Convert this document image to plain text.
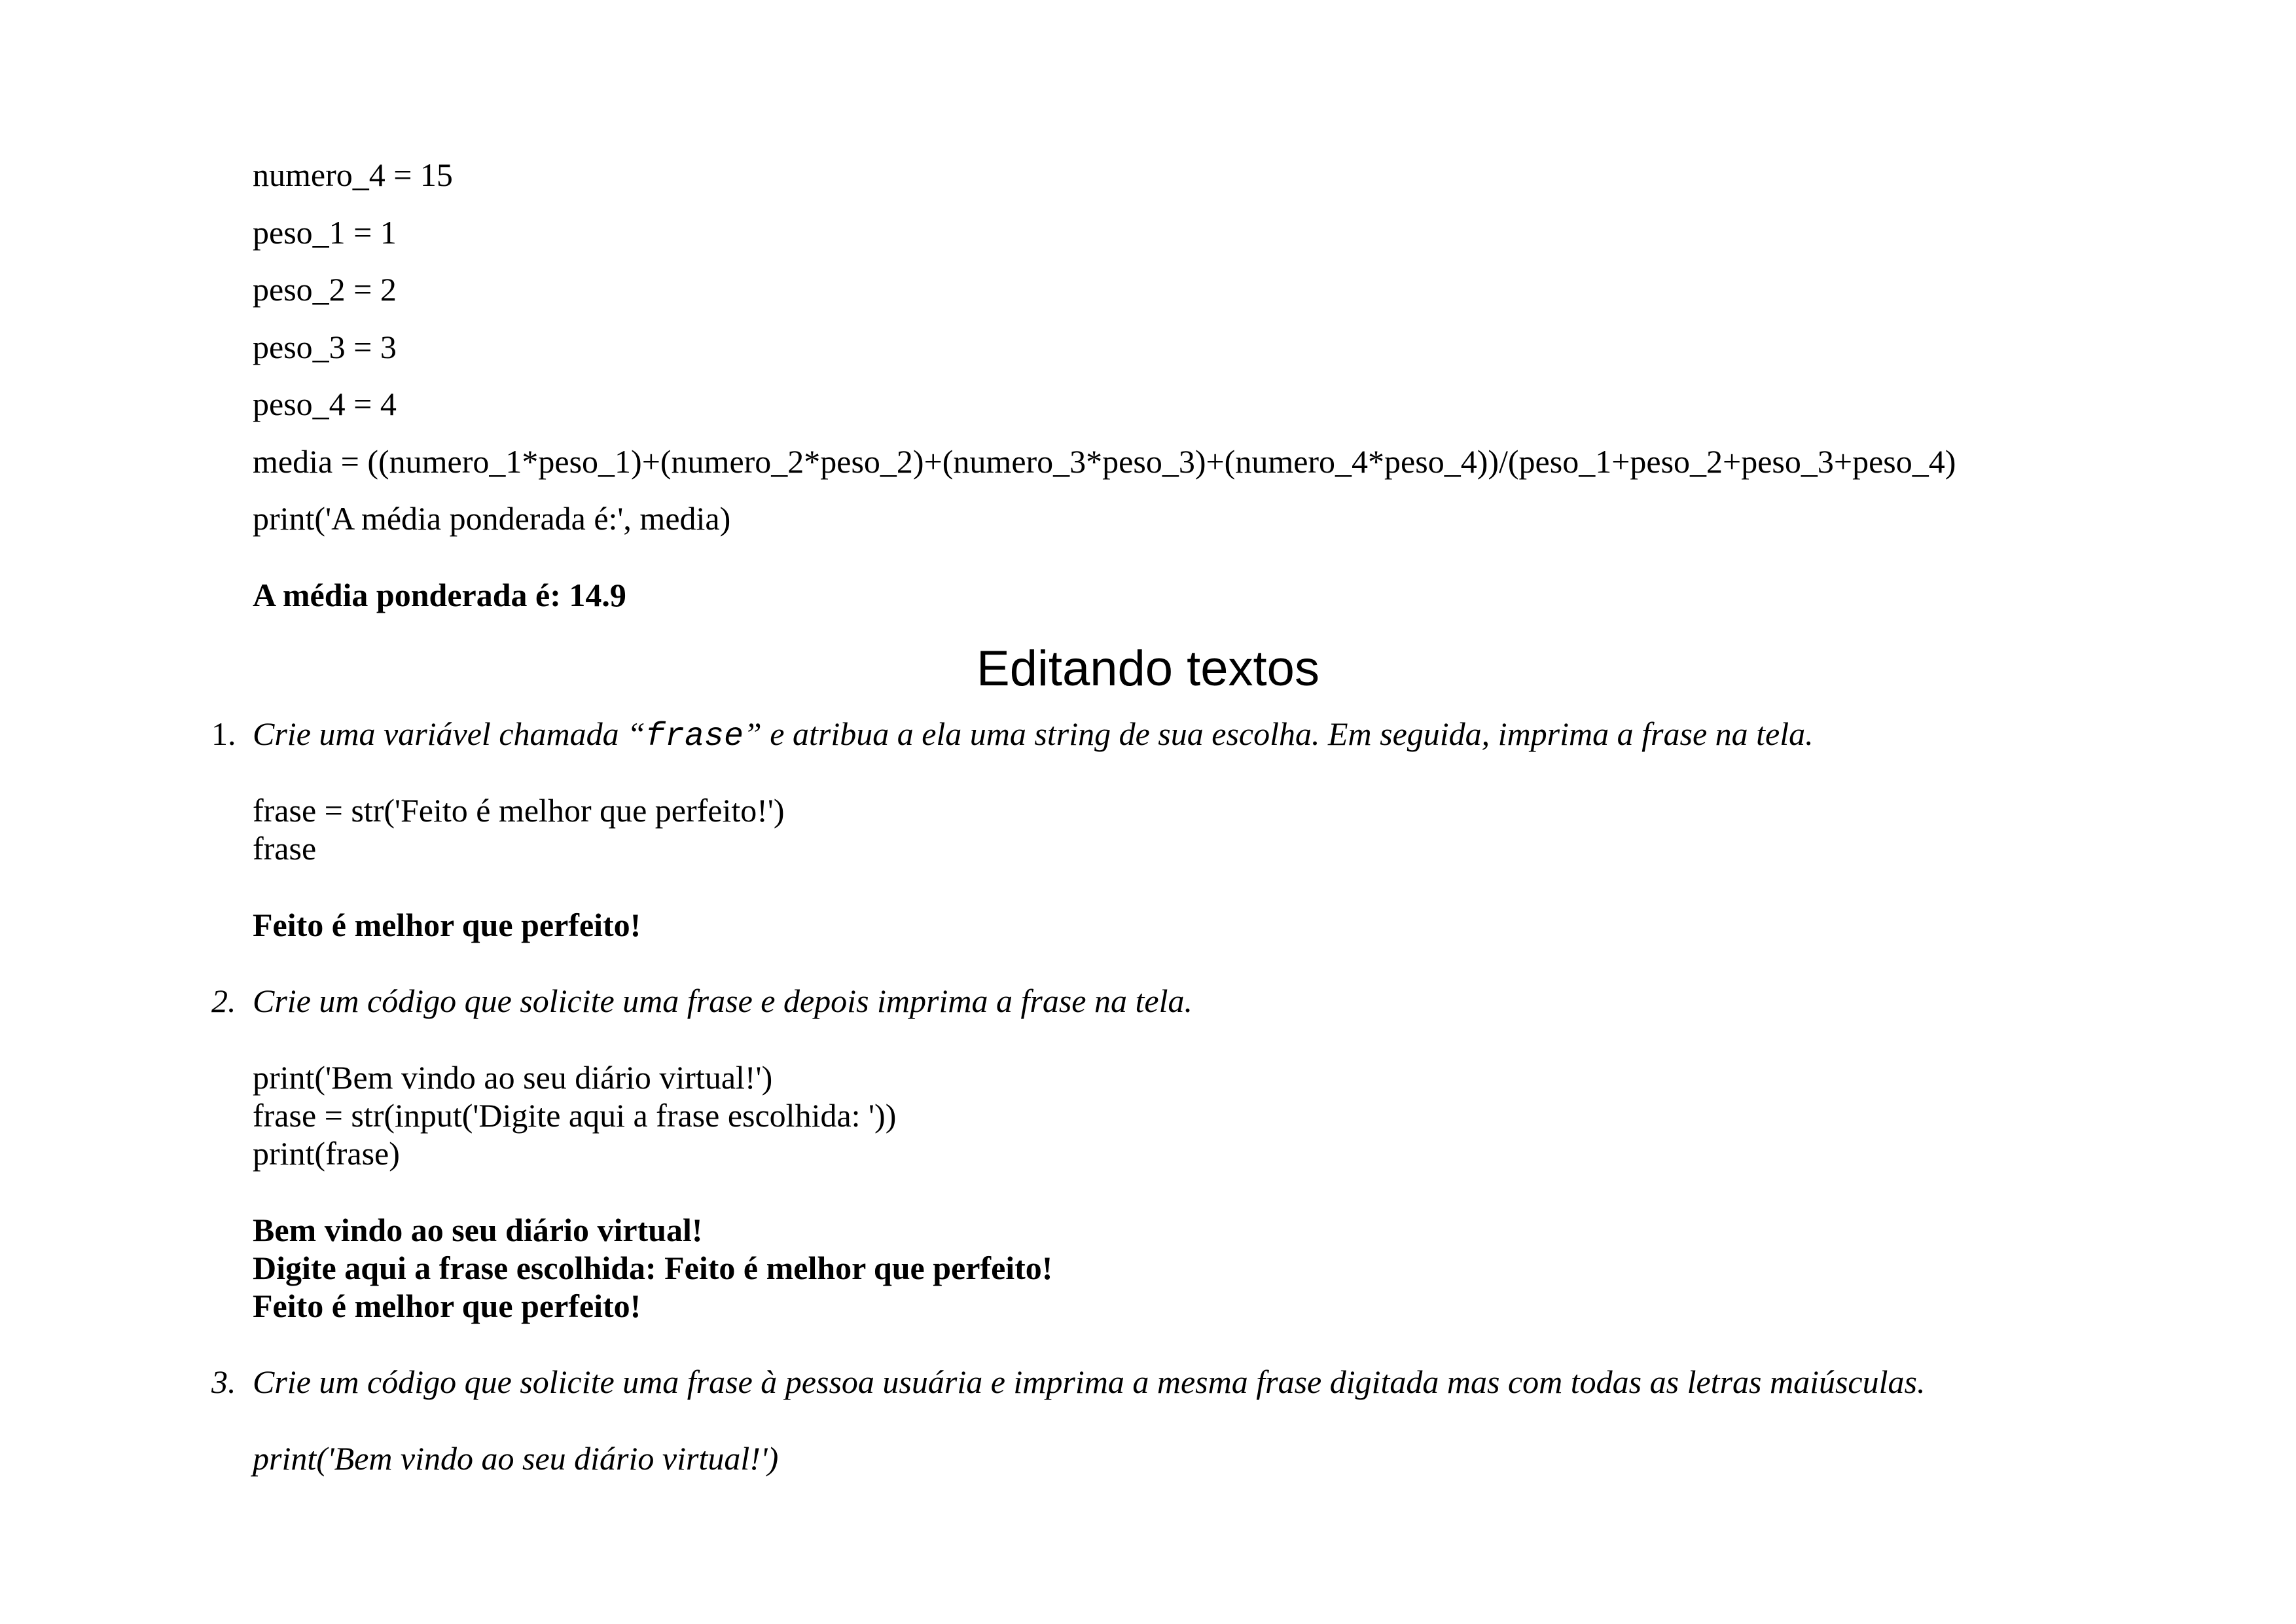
numero_4 = 15
peso_1 = 1
peso_2 = 2
peso_3 = 3
peso_4 = 4
media = ((numero_1*peso_1)+(numero_2*peso_2)+(numero_3*peso_3)+(numero_4*peso_4))/(peso_1+peso_2+peso_3+peso_4)
print('A média ponderada é:', media)
A média ponderada é: 14.9
Editando textos
1. Crie uma variável chamada “frase” e atribua a ela uma string de sua escolha. Em seguida, imprima a frase na tela.
frase = str('Feito é melhor que perfeito!')
frase
Feito é melhor que perfeito!
2. Crie um código que solicite uma frase e depois imprima a frase na tela.
print('Bem vindo ao seu diário virtual!')
frase = str(input('Digite aqui a frase escolhida: '))
print(frase)
Bem vindo ao seu diário virtual!
Digite aqui a frase escolhida: Feito é melhor que perfeito!
Feito é melhor que perfeito!
3. Crie um código que solicite uma frase à pessoa usuária e imprima a mesma frase digitada mas com todas as letras maiúsculas.
print('Bem vindo ao seu diário virtual!')
